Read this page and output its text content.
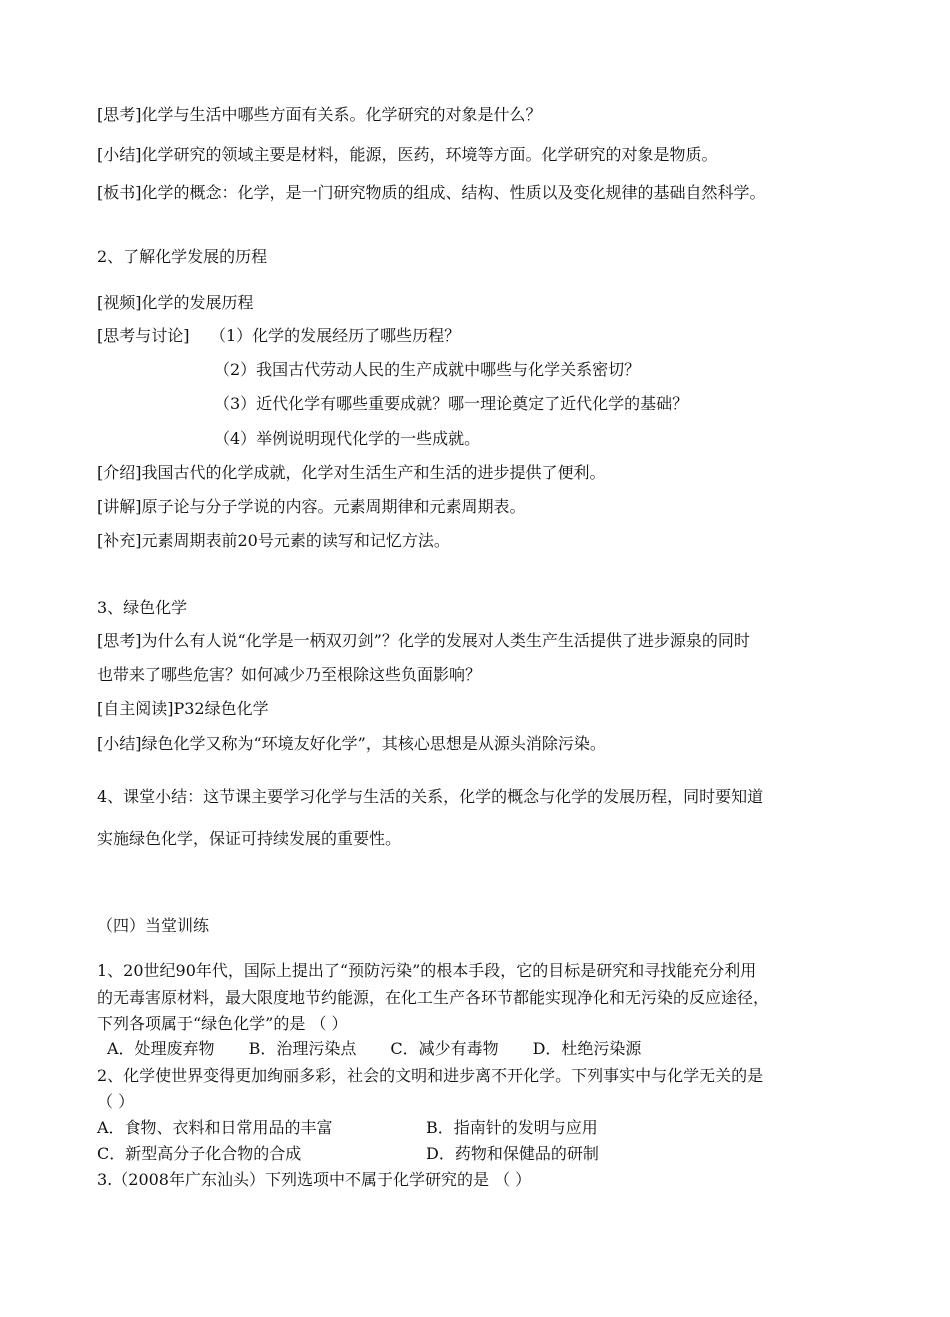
[思考]化学与生活中哪些方面有关系。化学研究的对象是什么？
[小结]化学研究的领域主要是材料，能源，医药，环境等方面。化学研究的对象是物质。
[板书]化学的概念：化学，是一门研究物质的组成、结构、性质以及变化规律的基础自然科学。
2、了解化学发展的历程
[视频]化学的发展历程
[思考与讨论] （1）化学的发展经历了哪些历程？
（2）我国古代劳动人民的生产成就中哪些与化学关系密切？
（3）近代化学有哪些重要成就？哪一理论奠定了近代化学的基础？
（4）举例说明现代化学的一些成就。
[介绍]我国古代的化学成就，化学对生活生产和生活的进步提供了便利。
[讲解]原子论与分子学说的内容。元素周期律和元素周期表。
[补充]元素周期表前20号元素的读写和记忆方法。
3、绿色化学
[思考]为什么有人说“化学是一柄双刃剑”？化学的发展对人类生产生活提供了进步源泉的同时
也带来了哪些危害？如何减少乃至根除这些负面影响？
[自主阅读]P32绿色化学
[小结]绿色化学又称为“环境友好化学”，其核心思想是从源头消除污染。
4、课堂小结：这节课主要学习化学与生活的关系，化学的概念与化学的发展历程，同时要知道
实施绿色化学，保证可持续发展的重要性。
（四）当堂训练
1、20世纪90年代，国际上提出了“预防污染”的根本手段，它的目标是研究和寻找能充分利用
的无毒害原材料，最大限度地节约能源，在化工生产各环节都能实现净化和无污染的反应途径，
下列各项属于“绿色化学”的是 （ ）
A．处理废弃物 B．治理污染点 C．减少有毒物 D．杜绝污染源
2、化学使世界变得更加绚丽多彩，社会的文明和进步离不开化学。下列事实中与化学无关的是
（ ）
A．食物、衣料和日常用品的丰富	B．指南针的发明与应用
C．新型高分子化合物的合成	D．药物和保健品的研制
3.（2008年广东汕头）下列选项中不属于化学研究的是 （ ）
